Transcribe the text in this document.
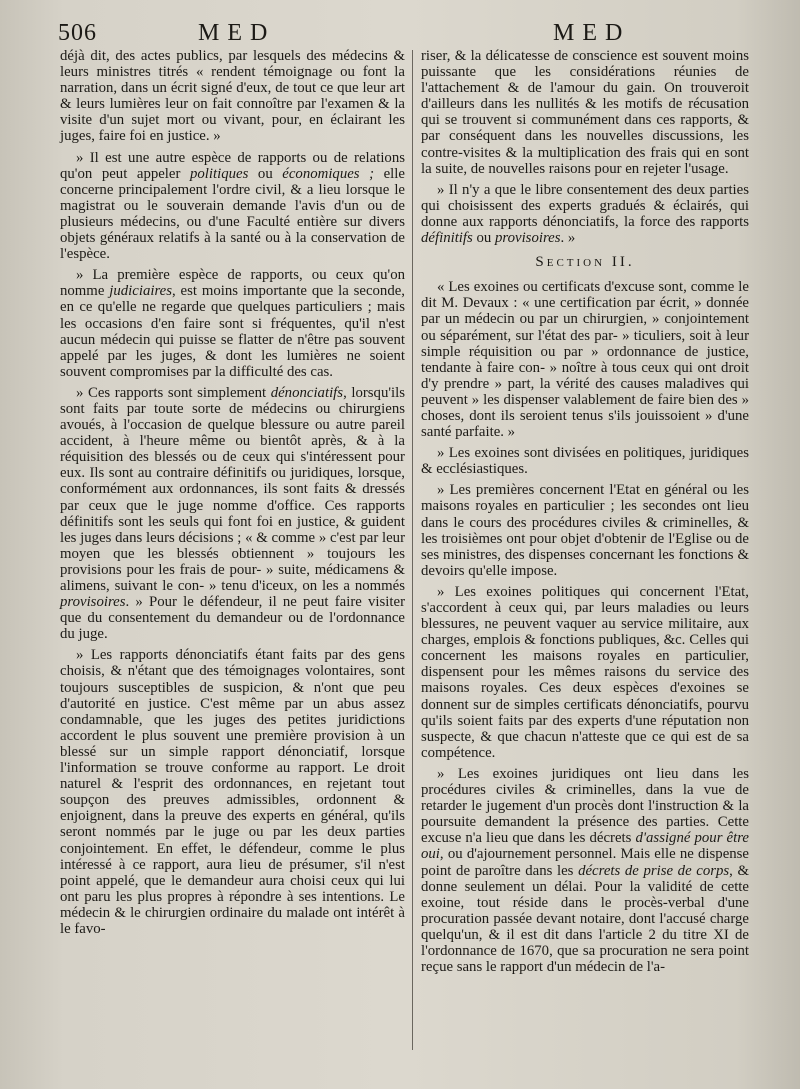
506	MED	MED

déjà dit, des actes publics, par lesquels des médecins & leurs ministres titrés « rendent témoignage ou font la narration, dans un écrit signé d'eux, de tout ce que leur art & leurs lumières leur on fait connoître par l'examen & la visite d'un sujet mort ou vivant, pour, en éclairant les juges, faire foi en justice. »

» Il est une autre espèce de rapports ou de relations qu'on peut appeler politiques ou économiques ; elle concerne principalement l'ordre civil, & a lieu lorsque le magistrat ou le souverain demande l'avis d'un ou de plusieurs médecins, ou d'une Faculté entière sur divers objets généraux relatifs à la santé ou à la conservation de l'espèce.

» La première espèce de rapports, ou ceux qu'on nomme judiciaires, est moins importante que la seconde, en ce qu'elle ne regarde que quelques particuliers ; mais les occasions d'en faire sont si fréquentes, qu'il n'est aucun médecin qui puisse se flatter de n'être pas souvent appelé par les juges, & dont les lumières ne soient souvent compromises par la difficulté des cas.

» Ces rapports sont simplement dénonciatifs, lorsqu'ils sont faits par toute sorte de médecins ou chirurgiens avoués, à l'occasion de quelque blessure ou autre pareil accident, à l'heure même ou bientôt après, & à la réquisition des blessés ou de ceux qui s'intéressent pour eux. Ils sont au contraire définitifs ou juridiques, lorsque, conformément aux ordonnances, ils sont faits & dressés par ceux que le juge nomme d'office. Ces rapports définitifs sont les seuls qui font foi en justice, & guident les juges dans leurs décisions ; « & comme » c'est par leur moyen que les blessés obtiennent » toujours les provisions pour les frais de pour- » suite, médicamens & alimens, suivant le con- » tenu d'iceux, on les a nommés provisoires. » Pour le défendeur, il ne peut faire visiter que du consentement du demandeur ou de l'ordonnance du juge.

» Les rapports dénonciatifs étant faits par des gens choisis, & n'étant que des témoignages volontaires, sont toujours susceptibles de suspicion, & n'ont que peu d'autorité en justice. C'est même par un abus assez condamnable, que les juges des petites juridictions accordent le plus souvent une première provision à un blessé sur un simple rapport dénonciatif, lorsque l'information se trouve conforme au rapport. Le droit naturel & l'esprit des ordonnances, en rejetant tout soupçon des preuves admissibles, ordonnent & enjoignent, dans la preuve des experts en général, qu'ils seront nommés par le juge ou par les deux parties conjointement. En effet, le défendeur, comme le plus intéressé à ce rapport, aura lieu de présumer, s'il n'est point appelé, que le demandeur aura choisi ceux qui lui ont paru les plus propres à répondre à ses intentions. Le médecin & le chirurgien ordinaire du malade ont intérêt à le favo-

riser, & la délicatesse de conscience est souvent moins puissante que les considérations réunies de l'attachement & de l'amour du gain. On trouveroit d'ailleurs dans les nullités & les motifs de récusation qui se trouvent si communément dans ces rapports, & par conséquent dans les nouvelles discussions, les contre-visites & la multiplication des frais qui en sont la suite, de nouvelles raisons pour en rejeter l'usage.

» Il n'y a que le libre consentement des deux parties qui choisissent des experts gradués & éclairés, qui donne aux rapports dénonciatifs, la force des rapports définitifs ou provisoires. »

Section II.

« Les exoines ou certificats d'excuse sont, comme le dit M. Devaux : « une certification par écrit, » donnée par un médecin ou par un chirurgien, » conjointement ou séparément, sur l'état des par- » ticuliers, soit à leur simple réquisition ou par » ordonnance de justice, tendante à faire con- » noître à tous ceux qui ont droit d'y prendre » part, la vérité des causes maladives qui peuvent » les dispenser valablement de faire bien des » choses, dont ils seroient tenus s'ils jouissoient » d'une santé parfaite. »

» Les exoines sont divisées en politiques, juridiques & ecclésiastiques.

» Les premières concernent l'Etat en général ou les maisons royales en particulier ; les secondes ont lieu dans le cours des procédures civiles & criminelles, & les troisièmes ont pour objet d'obtenir de l'Eglise ou de ses ministres, des dispenses concernant les fonctions & devoirs qu'elle impose.

» Les exoines politiques qui concernent l'Etat, s'accordent à ceux qui, par leurs maladies ou leurs blessures, ne peuvent vaquer au service militaire, aux charges, emplois & fonctions publiques, &c. Celles qui concernent les maisons royales en particulier, dispensent pour les mêmes raisons du service des maisons royales. Ces deux espèces d'exoines se donnent sur de simples certificats dénonciatifs, pourvu qu'ils soient faits par des experts d'une réputation non suspecte, & que chacun n'atteste que ce qui est de sa compétence.

» Les exoines juridiques ont lieu dans les procédures civiles & criminelles, dans la vue de retarder le jugement d'un procès dont l'instruction & la poursuite demandent la présence des parties. Cette excuse n'a lieu que dans les décrets d'assigné pour être oui, ou d'ajournement personnel. Mais elle ne dispense point de paroître dans les décrets de prise de corps, & donne seulement un délai. Pour la validité de cette exoine, tout réside dans le procès-verbal d'une procuration passée devant notaire, dont l'accusé charge quelqu'un, & il est dit dans l'article 2 du titre XI de l'ordonnance de 1670, que sa procuration ne sera point reçue sans le rapport d'un médecin de l'a-
